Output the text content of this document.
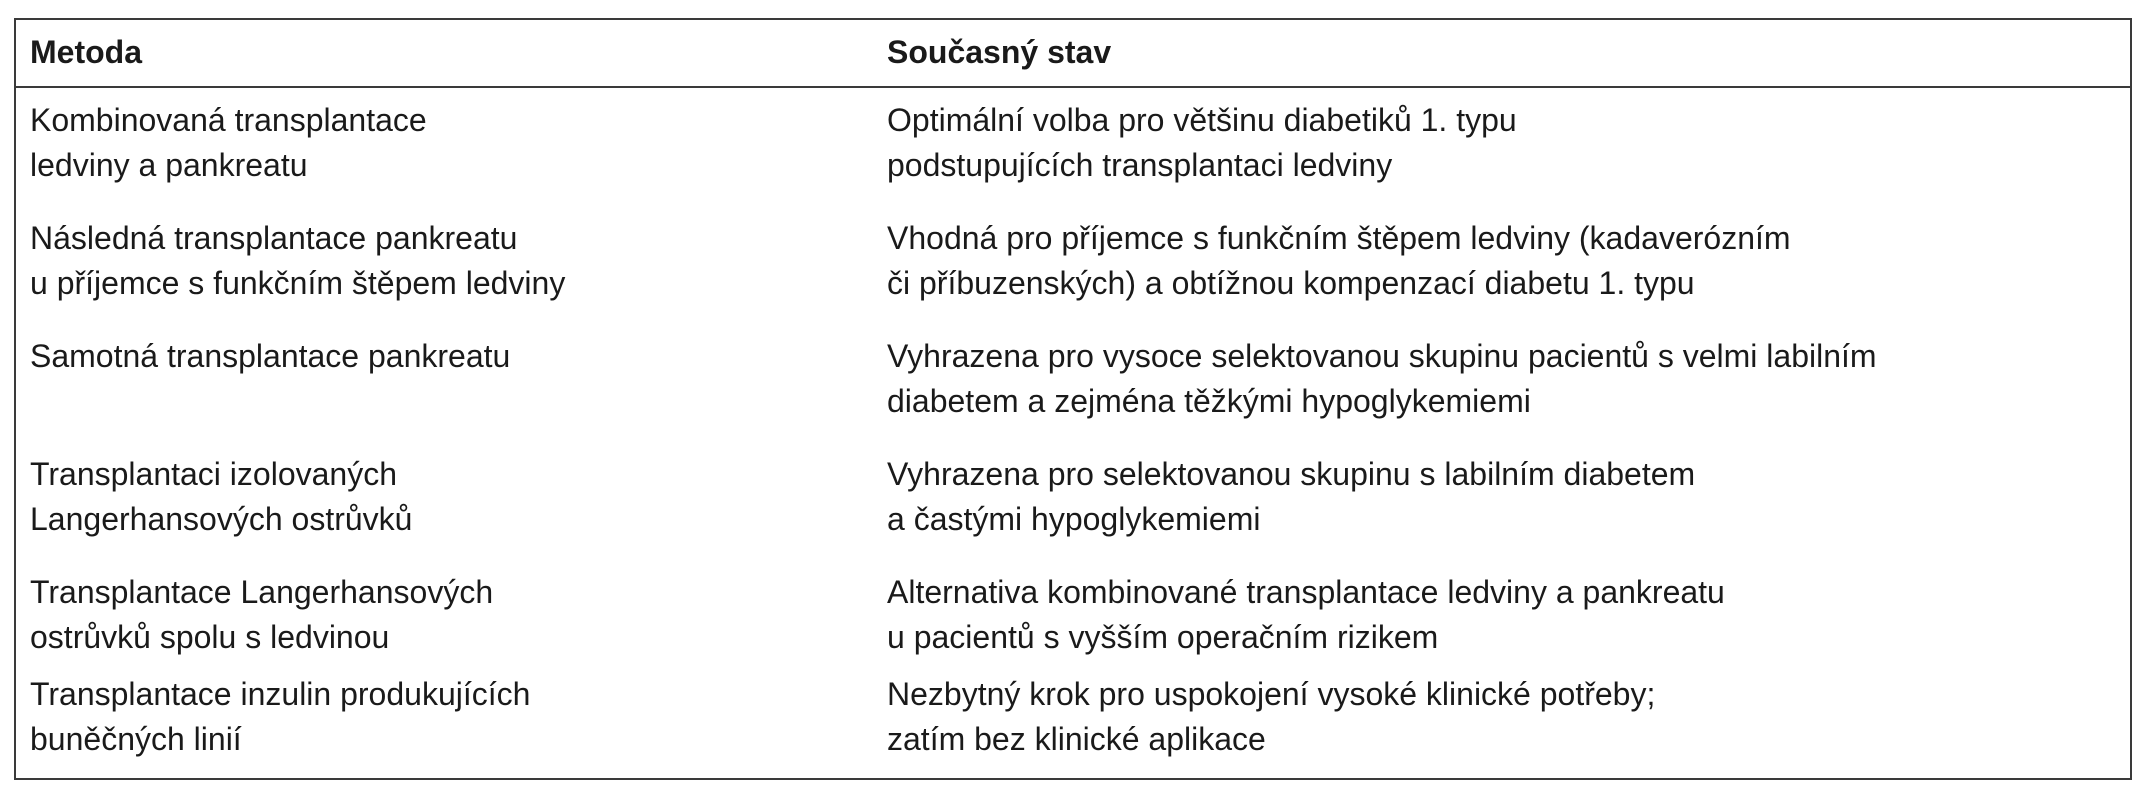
Metoda	Současný stav
Kombinovaná transplantace
ledviny a pankreatu
Optimální volba pro většinu diabetiků 1. typu
podstupujících transplantaci ledviny
Následná transplantace pankreatu
u příjemce s funkčním štěpem ledviny
Vhodná pro příjemce s funkčním štěpem ledviny (kadaverózním
či příbuzenských) a obtížnou kompenzací diabetu 1. typu
Samotná transplantace pankreatu	Vyhrazena pro vysoce selektovanou skupinu pacientů s velmi labilním
diabetem a zejména těžkými hypoglykemiemi
Transplantaci izolovaných
Langerhansových ostrůvků
Vyhrazena pro selektovanou skupinu s labilním diabetem
a častými hypoglykemiemi
Transplantace Langerhansových
ostrůvků spolu s ledvinou
Alternativa kombinované transplantace ledviny a pankreatu
u pacientů s vyšším operačním rizikem
Transplantace inzulin produkujících
buněčných linií
Nezbytný krok pro uspokojení vysoké klinické potřeby;
zatím bez klinické aplikace
